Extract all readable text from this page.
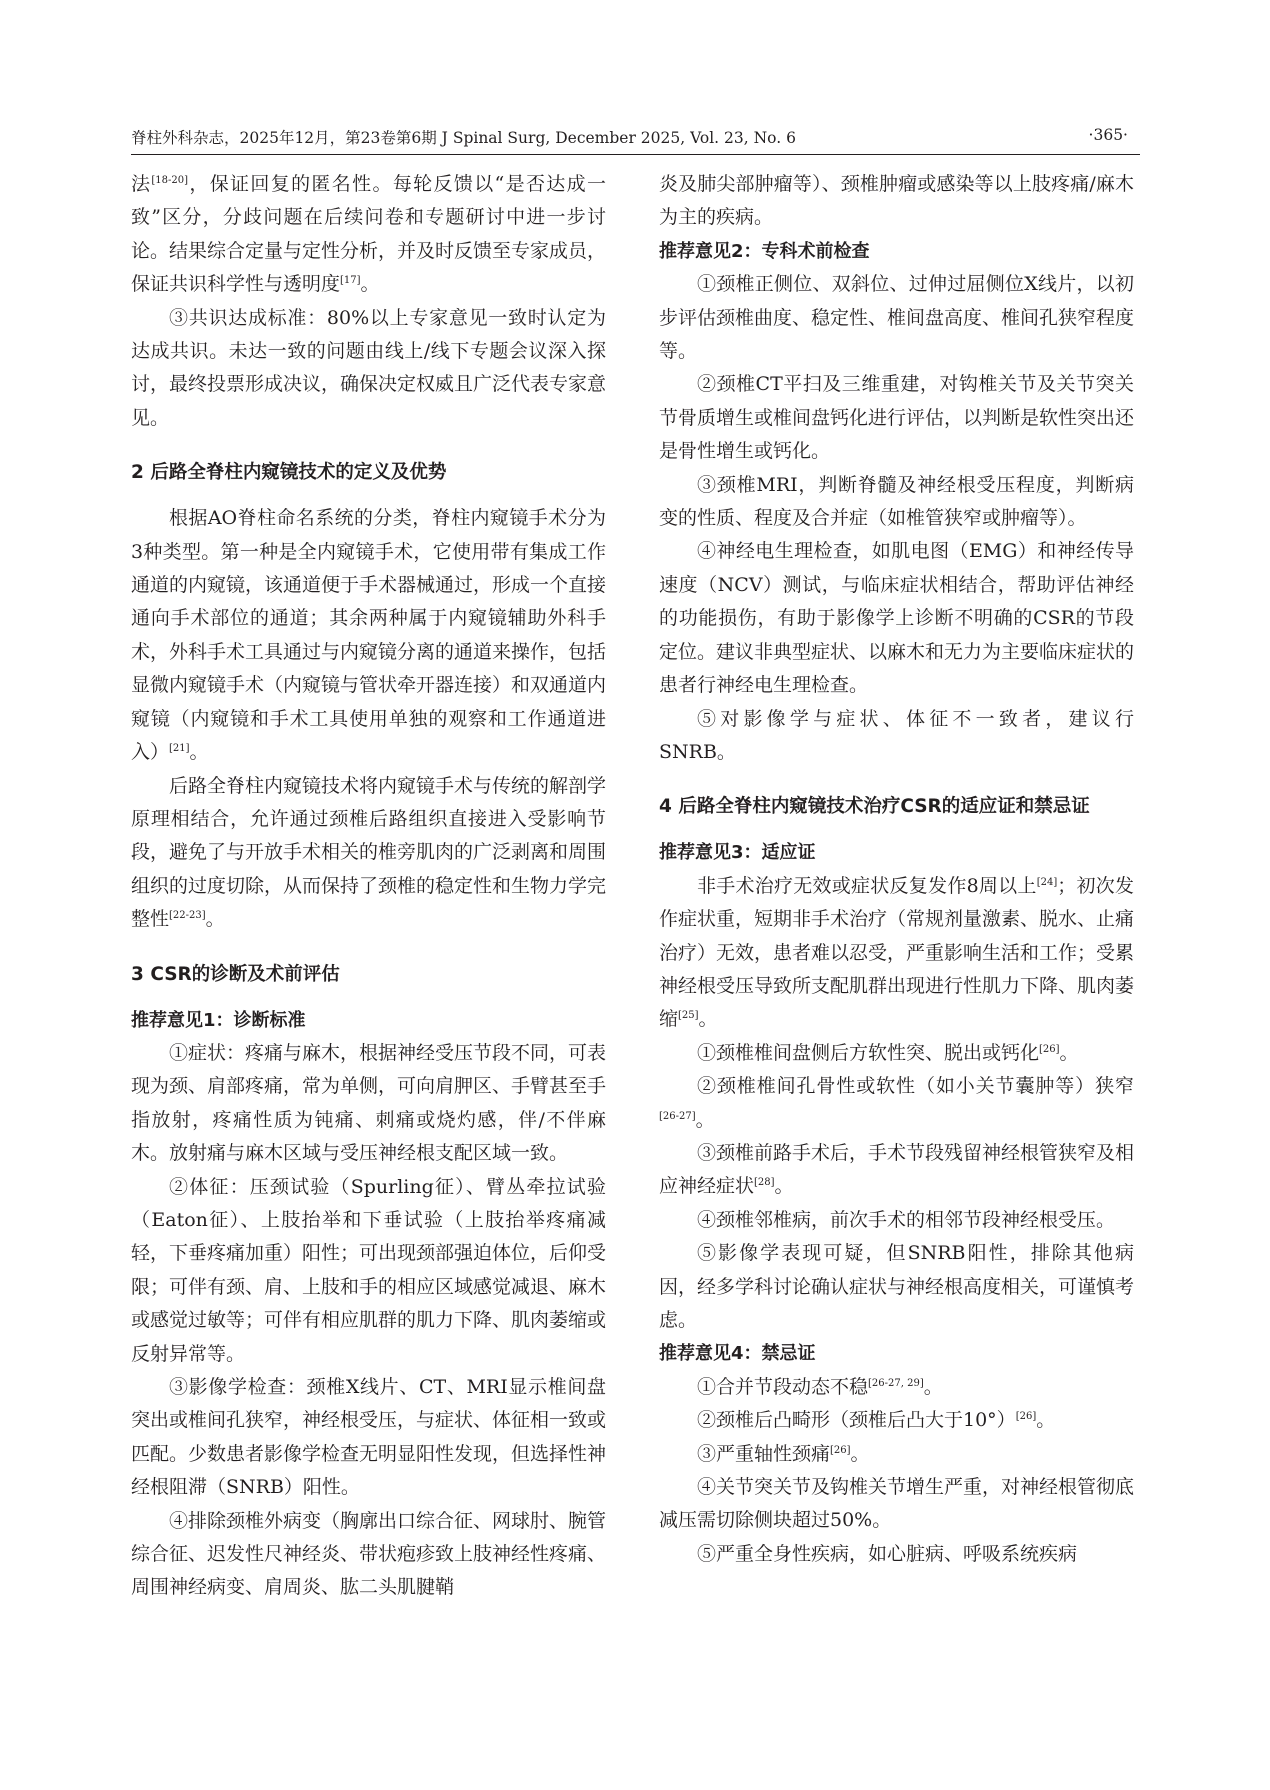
脊柱外科杂志，2025年12月，第23卷第6期 J Spinal Surg, December 2025, Vol. 23, No. 6	·365·

法[18-20]，保证回复的匿名性。每轮反馈以“是否达成一致”区分，分歧问题在后续问卷和专题研讨中进一步讨论。结果综合定量与定性分析，并及时反馈至专家成员，保证共识科学性与透明度[17]。

③共识达成标准：80%以上专家意见一致时认定为达成共识。未达一致的问题由线上/线下专题会议深入探讨，最终投票形成决议，确保决定权威且广泛代表专家意见。

2 后路全脊柱内窥镜技术的定义及优势

根据AO脊柱命名系统的分类，脊柱内窥镜手术分为3种类型。第一种是全内窥镜手术，它使用带有集成工作通道的内窥镜，该通道便于手术器械通过，形成一个直接通向手术部位的通道；其余两种属于内窥镜辅助外科手术，外科手术工具通过与内窥镜分离的通道来操作，包括显微内窥镜手术（内窥镜与管状牵开器连接）和双通道内窥镜（内窥镜和手术工具使用单独的观察和工作通道进入）[21]。

后路全脊柱内窥镜技术将内窥镜手术与传统的解剖学原理相结合，允许通过颈椎后路组织直接进入受影响节段，避免了与开放手术相关的椎旁肌肉的广泛剥离和周围组织的过度切除，从而保持了颈椎的稳定性和生物力学完整性[22-23]。

3 CSR的诊断及术前评估
推荐意见1：诊断标准

①症状：疼痛与麻木，根据神经受压节段不同，可表现为颈、肩部疼痛，常为单侧，可向肩胛区、手臂甚至手指放射，疼痛性质为钝痛、刺痛或烧灼感，伴/不伴麻木。放射痛与麻木区域与受压神经根支配区域一致。

②体征：压颈试验（Spurling征）、臂丛牵拉试验（Eaton征）、上肢抬举和下垂试验（上肢抬举疼痛减轻，下垂疼痛加重）阳性；可出现颈部强迫体位，后仰受限；可伴有颈、肩、上肢和手的相应区域感觉减退、麻木或感觉过敏等；可伴有相应肌群的肌力下降、肌肉萎缩或反射异常等。

③影像学检查：颈椎X线片、CT、MRI显示椎间盘突出或椎间孔狭窄，神经根受压，与症状、体征相一致或匹配。少数患者影像学检查无明显阳性发现，但选择性神经根阻滞（SNRB）阳性。

④排除颈椎外病变（胸廓出口综合征、网球肘、腕管综合征、迟发性尺神经炎、带状疱疹致上肢神经性疼痛、周围神经病变、肩周炎、肱二头肌腱鞘

炎及肺尖部肿瘤等）、颈椎肿瘤或感染等以上肢疼痛/麻木为主的疾病。

推荐意见2：专科术前检查

①颈椎正侧位、双斜位、过伸过屈侧位X线片，以初步评估颈椎曲度、稳定性、椎间盘高度、椎间孔狭窄程度等。

②颈椎CT平扫及三维重建，对钩椎关节及关节突关节骨质增生或椎间盘钙化进行评估，以判断是软性突出还是骨性增生或钙化。

③颈椎MRI，判断脊髓及神经根受压程度，判断病变的性质、程度及合并症（如椎管狭窄或肿瘤等）。

④神经电生理检查，如肌电图（EMG）和神经传导速度（NCV）测试，与临床症状相结合，帮助评估神经的功能损伤，有助于影像学上诊断不明确的CSR的节段定位。建议非典型症状、以麻木和无力为主要临床症状的患者行神经电生理检查。

⑤对影像学与症状、体征不一致者，建议行SNRB。

4 后路全脊柱内窥镜技术治疗CSR的适应证和禁忌证
推荐意见3：适应证

非手术治疗无效或症状反复发作8周以上[24]；初次发作症状重，短期非手术治疗（常规剂量激素、脱水、止痛治疗）无效，患者难以忍受，严重影响生活和工作；受累神经根受压导致所支配肌群出现进行性肌力下降、肌肉萎缩[25]。

①颈椎椎间盘侧后方软性突、脱出或钙化[26]。

②颈椎椎间孔骨性或软性（如小关节囊肿等）狭窄[26-27]。

③颈椎前路手术后，手术节段残留神经根管狭窄及相应神经症状[28]。

④颈椎邻椎病，前次手术的相邻节段神经根受压。

⑤影像学表现可疑，但SNRB阳性，排除其他病因，经多学科讨论确认症状与神经根高度相关，可谨慎考虑。

推荐意见4：禁忌证

①合并节段动态不稳[26-27, 29]。

②颈椎后凸畸形（颈椎后凸大于10°）[26]。

③严重轴性颈痛[26]。

④关节突关节及钩椎关节增生严重，对神经根管彻底减压需切除侧块超过50%。

⑤严重全身性疾病，如心脏病、呼吸系统疾病
